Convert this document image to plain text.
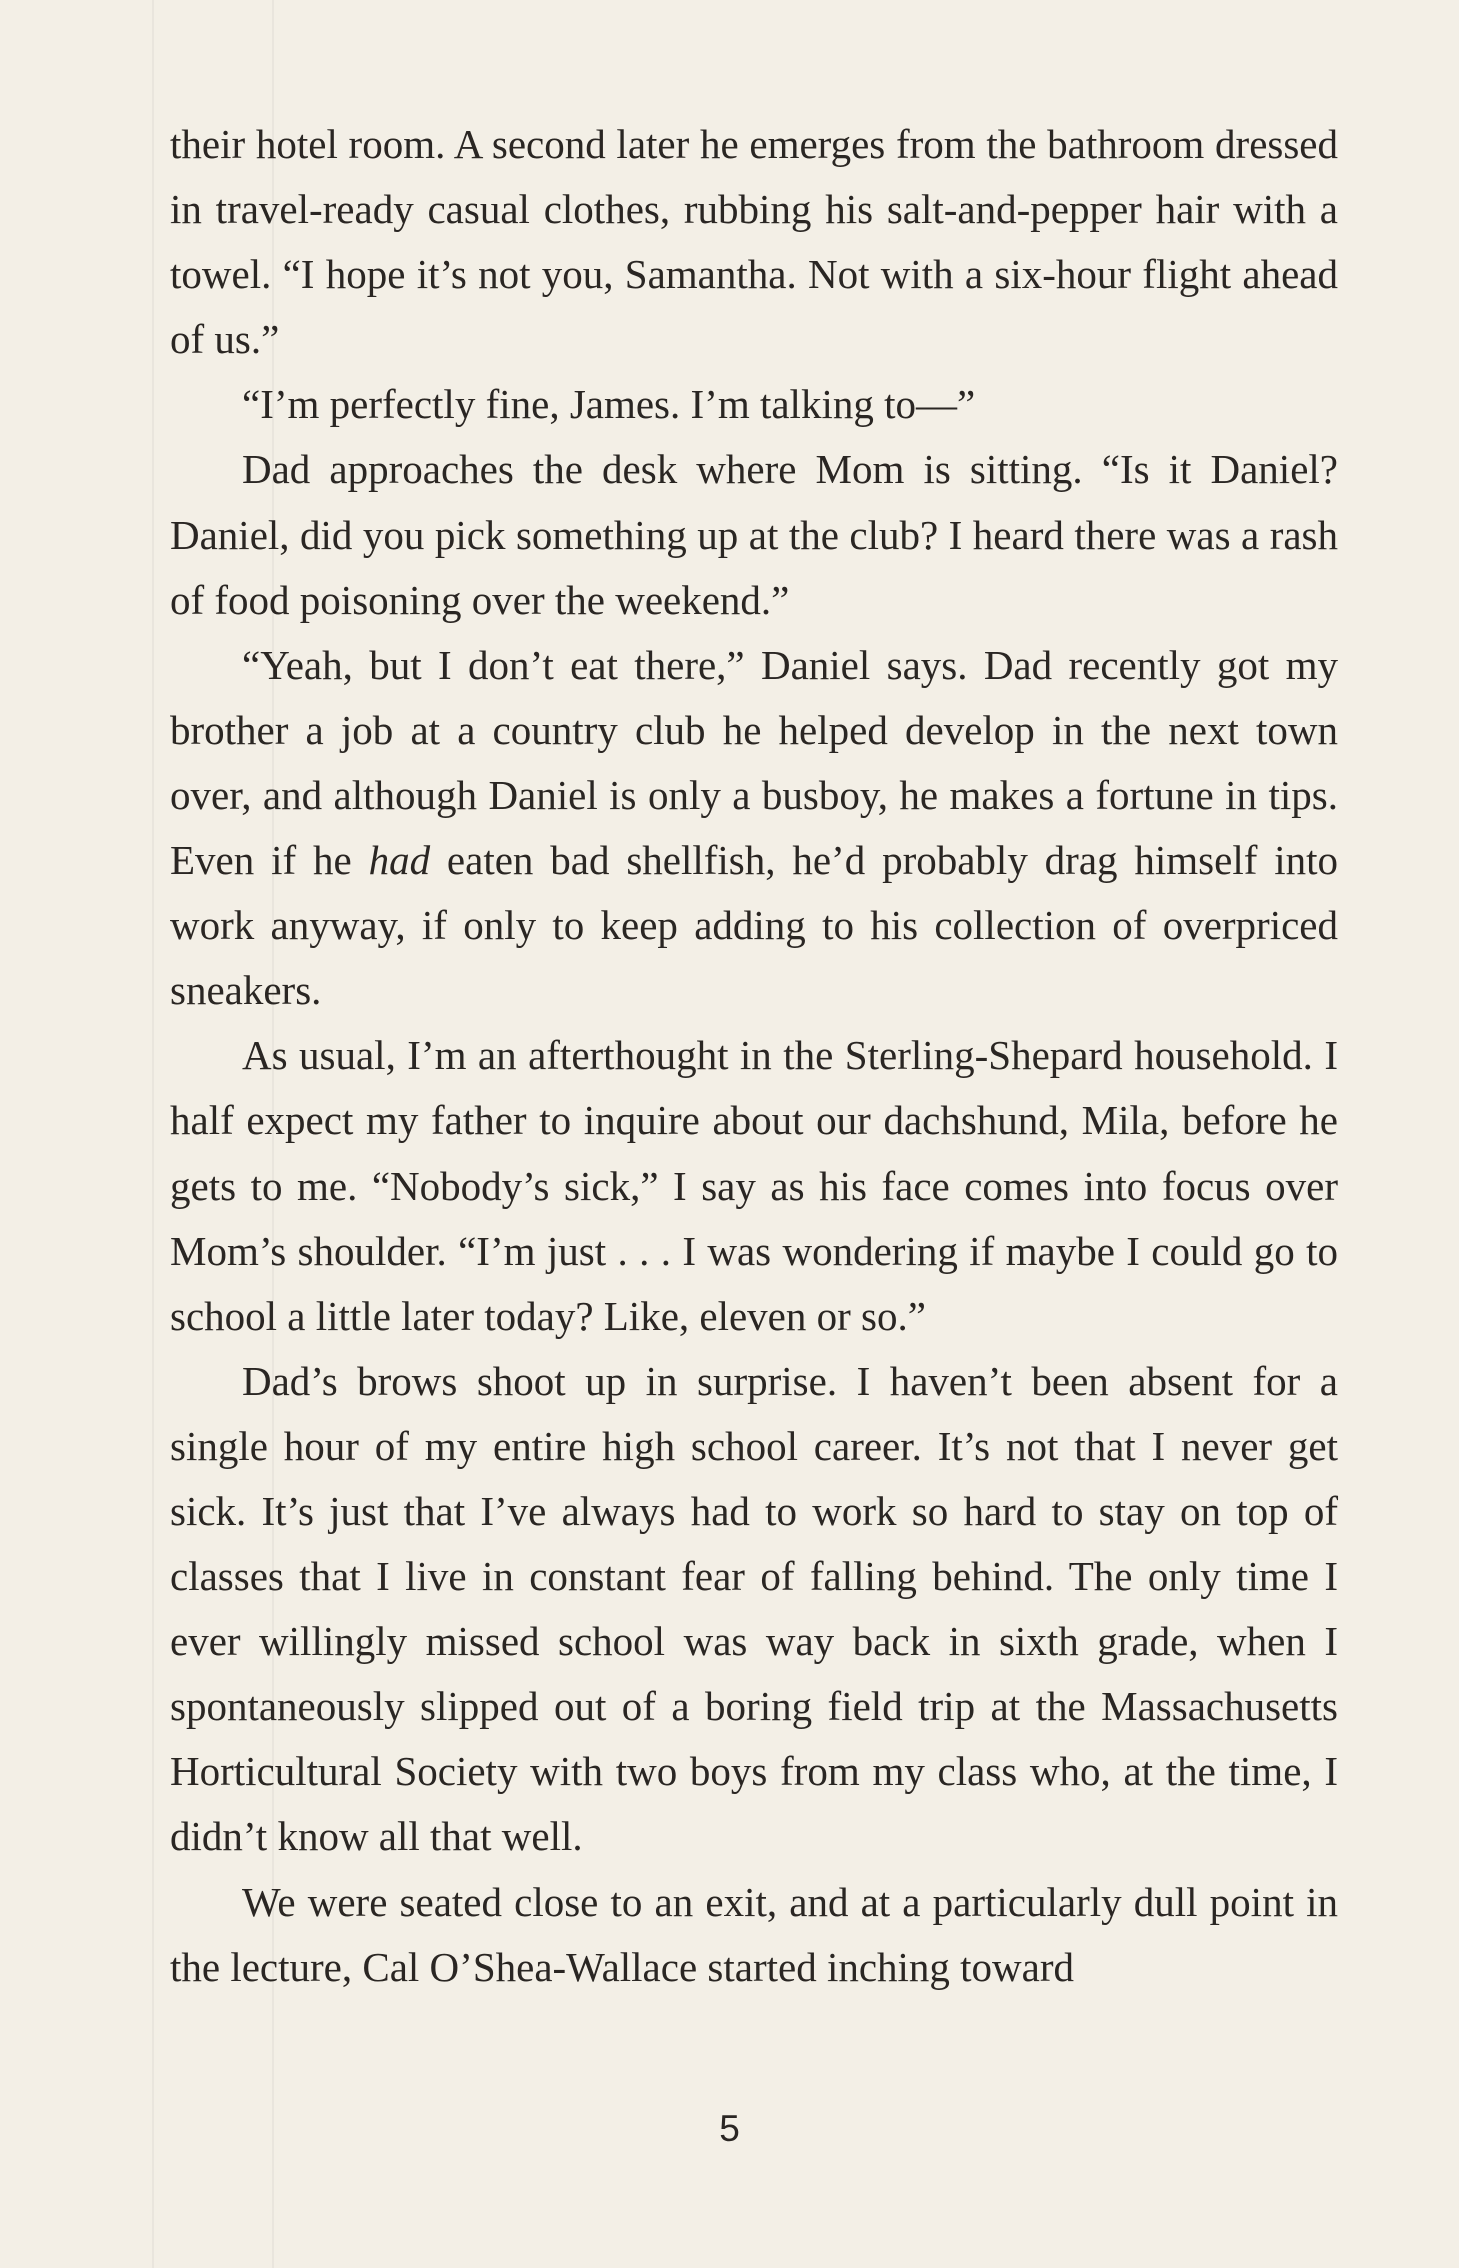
their hotel room. A second later he emerges from the bathroom dressed in travel-ready casual clothes, rubbing his salt-and-pepper hair with a towel. “I hope it’s not you, Samantha. Not with a six-hour flight ahead of us.”

“I’m perfectly fine, James. I’m talking to—”

Dad approaches the desk where Mom is sitting. “Is it Daniel? Daniel, did you pick something up at the club? I heard there was a rash of food poisoning over the weekend.”

“Yeah, but I don’t eat there,” Daniel says. Dad recently got my brother a job at a country club he helped develop in the next town over, and although Daniel is only a busboy, he makes a fortune in tips. Even if he had eaten bad shellfish, he’d probably drag himself into work anyway, if only to keep adding to his collection of overpriced sneakers.

As usual, I’m an afterthought in the Sterling-Shepard household. I half expect my father to inquire about our dachshund, Mila, before he gets to me. “Nobody’s sick,” I say as his face comes into focus over Mom’s shoulder. “I’m just . . . I was wondering if maybe I could go to school a little later today? Like, eleven or so.”

Dad’s brows shoot up in surprise. I haven’t been absent for a single hour of my entire high school career. It’s not that I never get sick. It’s just that I’ve always had to work so hard to stay on top of classes that I live in constant fear of falling behind. The only time I ever willingly missed school was way back in sixth grade, when I spontaneously slipped out of a boring field trip at the Massachusetts Horticultural Society with two boys from my class who, at the time, I didn’t know all that well.

We were seated close to an exit, and at a particularly dull point in the lecture, Cal O’Shea-Wallace started inching toward

5
